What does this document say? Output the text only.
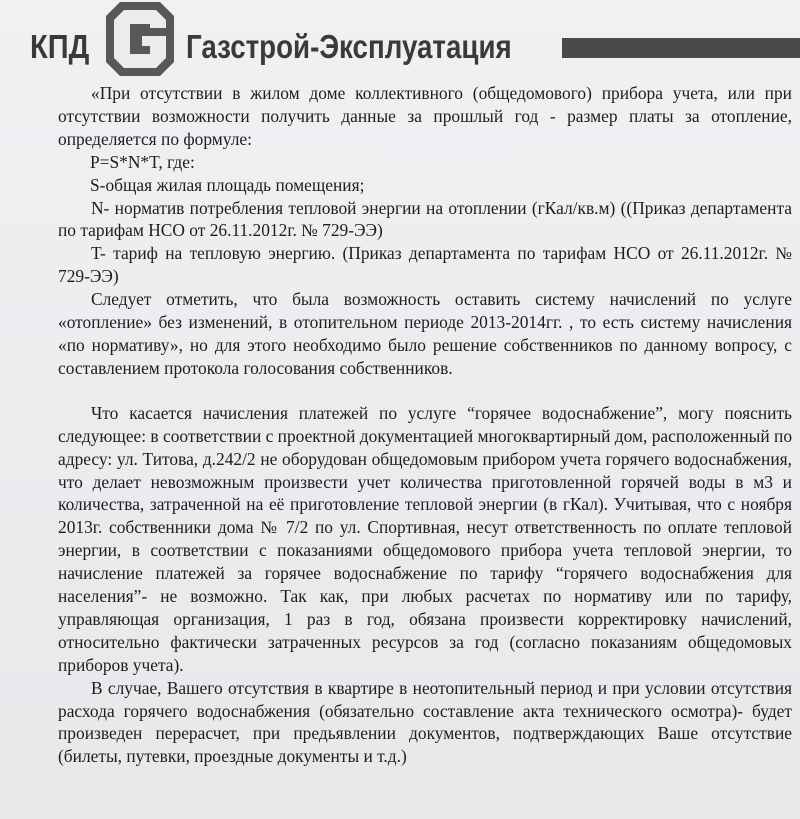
КПД	Газстрой-Эксплуатация

«При отсутствии в жилом доме коллективного (общедомового) прибора учета, или при отсутствии возможности получить данные за прошлый год - размер платы за отопление, определяется по формуле:

P=S*N*T, где:

S-общая жилая площадь помещения;

N- норматив потребления тепловой энергии на отоплении (гКал/кв.м) ((Приказ департамента по тарифам НСО от 26.11.2012г. № 729-ЭЭ)

T- тариф на тепловую энергию. (Приказ департамента по тарифам НСО от 26.11.2012г. № 729-ЭЭ)

Следует отметить, что была возможность оставить систему начислений по услуге «отопление» без изменений, в отопительном периоде 2013-2014гг. , то есть систему начисления «по нормативу», но для этого необходимо было решение собственников по данному вопросу, с составлением протокола голосования собственников.

Что касается начисления платежей по услуге “горячее водоснабжение”, могу пояснить следующее: в соответствии с проектной документацией многоквартирный дом, расположенный по адресу: ул. Титова, д.242/2 не оборудован общедомовым прибором учета горячего водоснабжения, что делает невозможным произвести учет количества приготовленной горячей воды в м3 и количества, затраченной на её приготовление тепловой энергии (в гКал). Учитывая, что с ноября 2013г. собственники дома № 7/2 по ул. Спортивная, несут ответственность по оплате тепловой энергии, в соответствии с показаниями общедомового прибора учета тепловой энергии, то начисление платежей за горячее водоснабжение по тарифу “горячего водоснабжения для населения”- не возможно. Так как, при любых расчетах по нормативу или по тарифу, управляющая организация, 1 раз в год, обязана произвести корректировку начислений, относительно фактически затраченных ресурсов за год (согласно показаниям общедомовых приборов учета).

В случае, Вашего отсутствия в квартире в неотопительный период и при условии отсутствия расхода горячего водоснабжения (обязательно составление акта технического осмотра)- будет произведен перерасчет, при предьявлении документов, подтверждающих Ваше отсутствие (билеты, путевки, проездные документы и т.д.)
